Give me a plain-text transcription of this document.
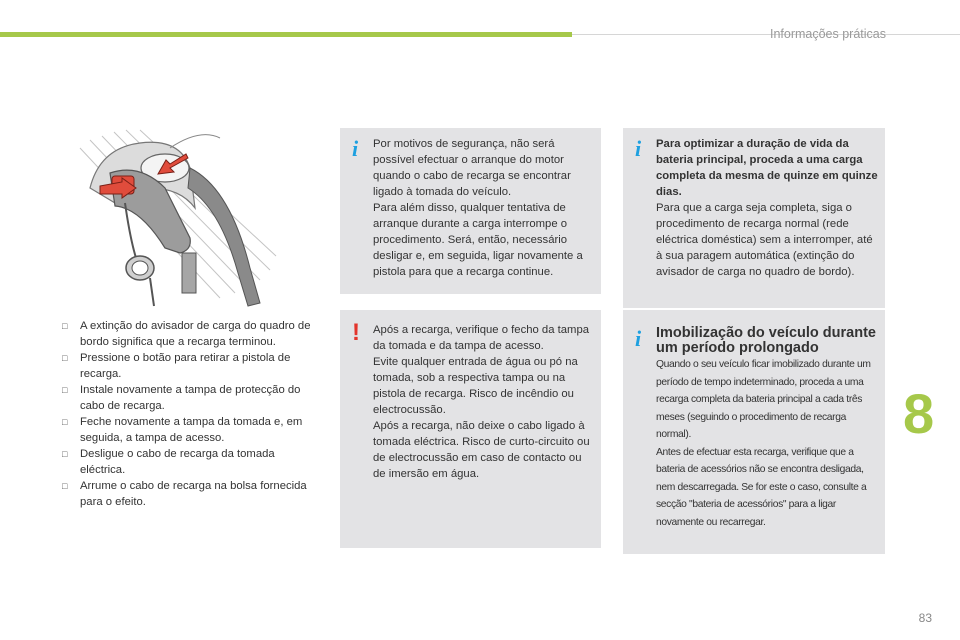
Informações práticas
□ A extinção do avisador de carga do quadro de bordo significa que a recarga terminou.
□ Pressione o botão para retirar a pistola de recarga.
□ Instale novamente a tampa de protecção do cabo de recarga.
□ Feche novamente a tampa da tomada e, em seguida, a tampa de acesso.
□ Desligue o cabo de recarga da tomada eléctrica.
□ Arrume o cabo de recarga na bolsa fornecida para o efeito.
i Por motivos de segurança, não será possível efectuar o arranque do motor quando o cabo de recarga se encontrar ligado à tomada do veículo.

Para além disso, qualquer tentativa de arranque durante a carga interrompe o procedimento. Será, então, necessário desligar e, em seguida, ligar novamente a pistola para que a recarga continue.

! Após a recarga, verifique o fecho da tampa da tomada e da tampa de acesso.

Evite qualquer entrada de água ou pó na tomada, sob a respectiva tampa ou na pistola de recarga. Risco de incêndio ou electrocussão.

Após a recarga, não deixe o cabo ligado à tomada eléctrica. Risco de curto-circuito ou de electrocussão em caso de contacto ou de imersão em água.

i Para optimizar a duração de vida da bateria principal, proceda a uma carga completa da mesma de quinze em quinze dias.

Para que a carga seja completa, siga o procedimento de recarga normal (rede eléctrica doméstica) sem a interromper, até à sua paragem automática (extinção do avisador de carga no quadro de bordo).

i Imobilização do veículo durante um período prolongado

Quando o seu veículo ficar imobilizado durante um período de tempo indeterminado, proceda a uma recarga completa da bateria principal a cada três meses (seguindo o procedimento de recarga normal).

Antes de efectuar esta recarga, verifique que a bateria de acessórios não se encontra desligada, nem descarregada. Se for este o caso, consulte a secção "bateria de acessórios" para a ligar novamente ou recarregar.

8
83
